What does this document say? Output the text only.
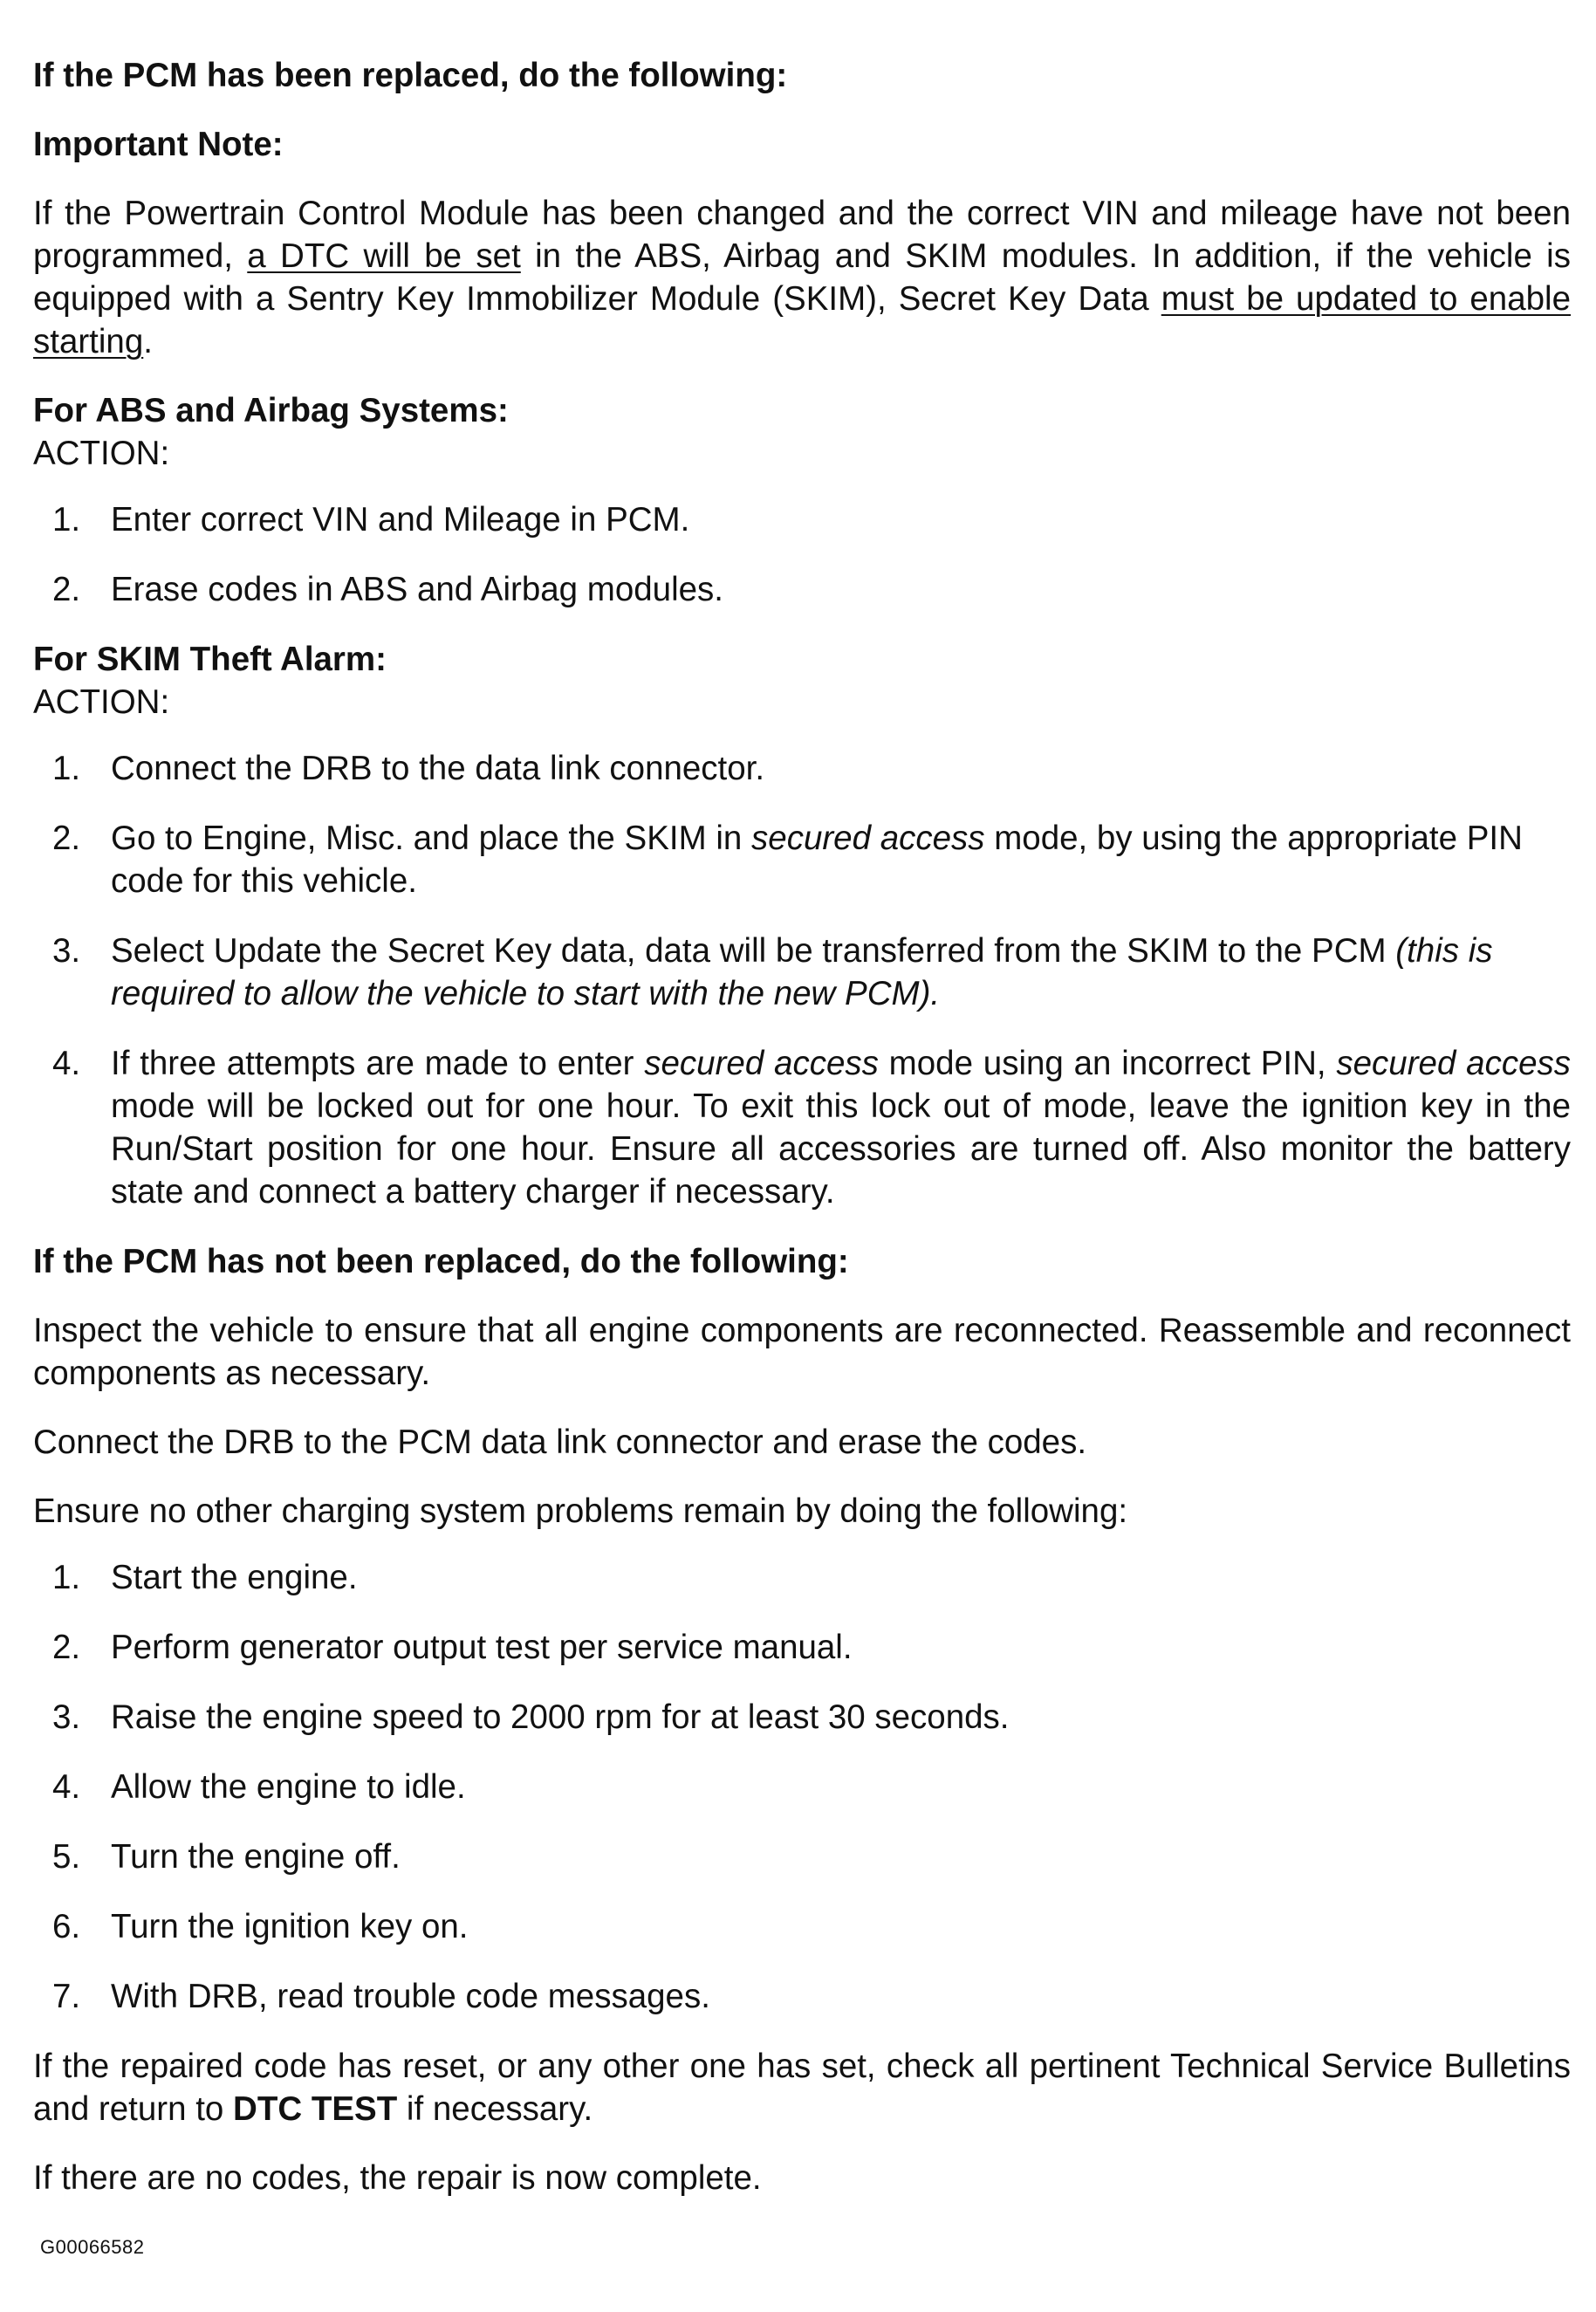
If the PCM has been replaced, do the following:

Important Note:

If the Powertrain Control Module has been changed and the correct VIN and mileage have not been programmed, a DTC will be set in the ABS, Airbag and SKIM modules. In addition, if the vehicle is equipped with a Sentry Key Immobilizer Module (SKIM), Secret Key Data must be updated to enable starting.

For ABS and Airbag Systems:

ACTION:

1. Enter correct VIN and Mileage in PCM.
2. Erase codes in ABS and Airbag modules.

For SKIM Theft Alarm:

ACTION:

1. Connect the DRB to the data link connector.
2. Go to Engine, Misc. and place the SKIM in secured access mode, by using the appropriate PIN code for this vehicle.
3. Select Update the Secret Key data, data will be transferred from the SKIM to the PCM (this is required to allow the vehicle to start with the new PCM).
4. If three attempts are made to enter secured access mode using an incorrect PIN, secured access mode will be locked out for one hour. To exit this lock out of mode, leave the ignition key in the Run/Start position for one hour. Ensure all accessories are turned off. Also monitor the battery state and connect a battery charger if necessary.

If the PCM has not been replaced, do the following:

Inspect the vehicle to ensure that all engine components are reconnected. Reassemble and reconnect components as necessary.

Connect the DRB to the PCM data link connector and erase the codes.

Ensure no other charging system problems remain by doing the following:

1. Start the engine.
2. Perform generator output test per service manual.
3. Raise the engine speed to 2000 rpm for at least 30 seconds.
4. Allow the engine to idle.
5. Turn the engine off.
6. Turn the ignition key on.
7. With DRB, read trouble code messages.

If the repaired code has reset, or any other one has set, check all pertinent Technical Service Bulletins and return to DTC TEST if necessary.

If there are no codes, the repair is now complete.

G00066582
